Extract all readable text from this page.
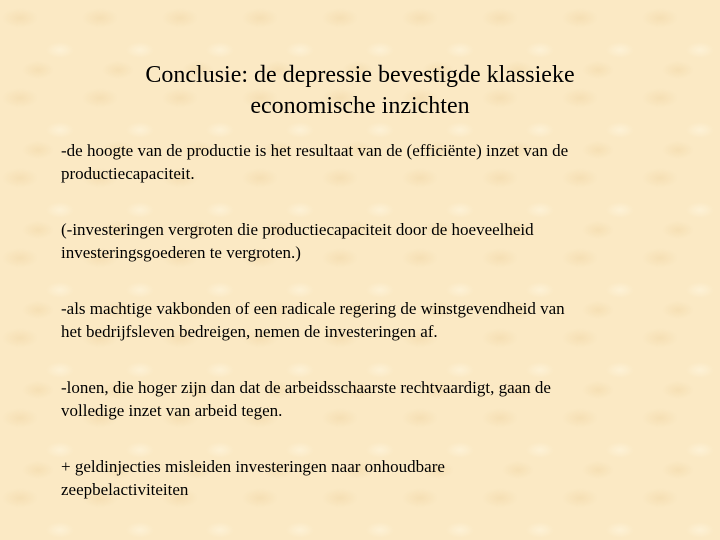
Conclusie: de depressie bevestigde klassieke
economische inzichten
-de hoogte van de productie is het resultaat van de (efficiënte) inzet van de
productiecapaciteit.
(-investeringen vergroten die productiecapaciteit door de hoeveelheid
investeringsgoederen te vergroten.)
-als machtige vakbonden of een radicale regering de winstgevendheid van
het bedrijfsleven bedreigen, nemen de investeringen af.
-lonen, die hoger zijn dan dat de arbeidsschaarste rechtvaardigt, gaan de
volledige inzet van arbeid tegen.
+ geldinjecties misleiden investeringen naar onhoudbare
zeepbelactiviteiten
